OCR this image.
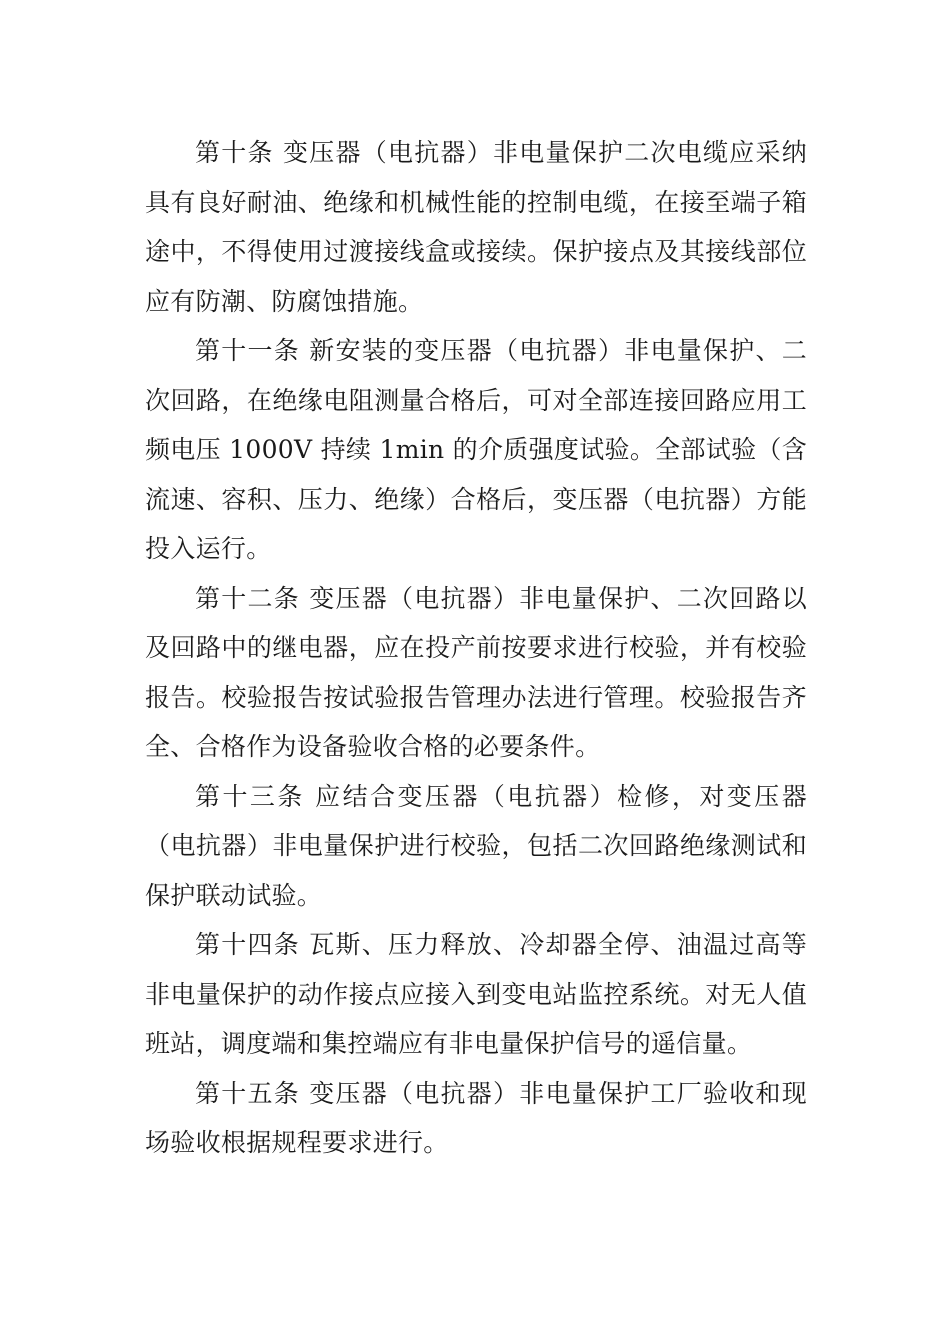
第十条 变压器（电抗器）非电量保护二次电缆应采纳具有良好耐油、绝缘和机械性能的控制电缆，在接至端子箱途中，不得使用过渡接线盒或接续。保护接点及其接线部位应有防潮、防腐蚀措施。

第十一条 新安装的变压器（电抗器）非电量保护、二次回路，在绝缘电阻测量合格后，可对全部连接回路应用工频电压 1000V 持续 1min 的介质强度试验。全部试验（含流速、容积、压力、绝缘）合格后，变压器（电抗器）方能投入运行。

第十二条 变压器（电抗器）非电量保护、二次回路以及回路中的继电器，应在投产前按要求进行校验，并有校验报告。校验报告按试验报告管理办法进行管理。校验报告齐全、合格作为设备验收合格的必要条件。

第十三条 应结合变压器（电抗器）检修，对变压器（电抗器）非电量保护进行校验，包括二次回路绝缘测试和保护联动试验。

第十四条 瓦斯、压力释放、冷却器全停、油温过高等非电量保护的动作接点应接入到变电站监控系统。对无人值班站，调度端和集控端应有非电量保护信号的遥信量。

第十五条 变压器（电抗器）非电量保护工厂验收和现场验收根据规程要求进行。
